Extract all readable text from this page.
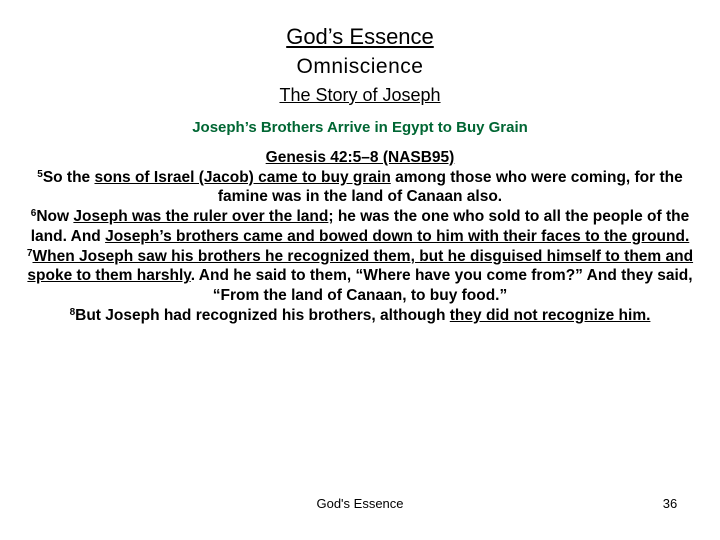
God’s Essence
Omniscience
The Story of Joseph
Joseph’s Brothers Arrive in Egypt to Buy Grain

Genesis 42:5–8 (NASB95)

$^5$So the sons of Israel (Jacob) came to buy grain among those who were coming, for the famine was in the land of Canaan also.

$^6$Now Joseph was the ruler over the land; he was the one who sold to all the people of the land. And Joseph’s brothers came and bowed down to him with their faces to the ground.

$^7$When Joseph saw his brothers he recognized them, but he disguised himself to them and spoke to them harshly. And he said to them, “Where have you come from?” And they said, “From the land of Canaan, to buy food.”

$^8$But Joseph had recognized his brothers, although they did not recognize him.

God's Essence	36
